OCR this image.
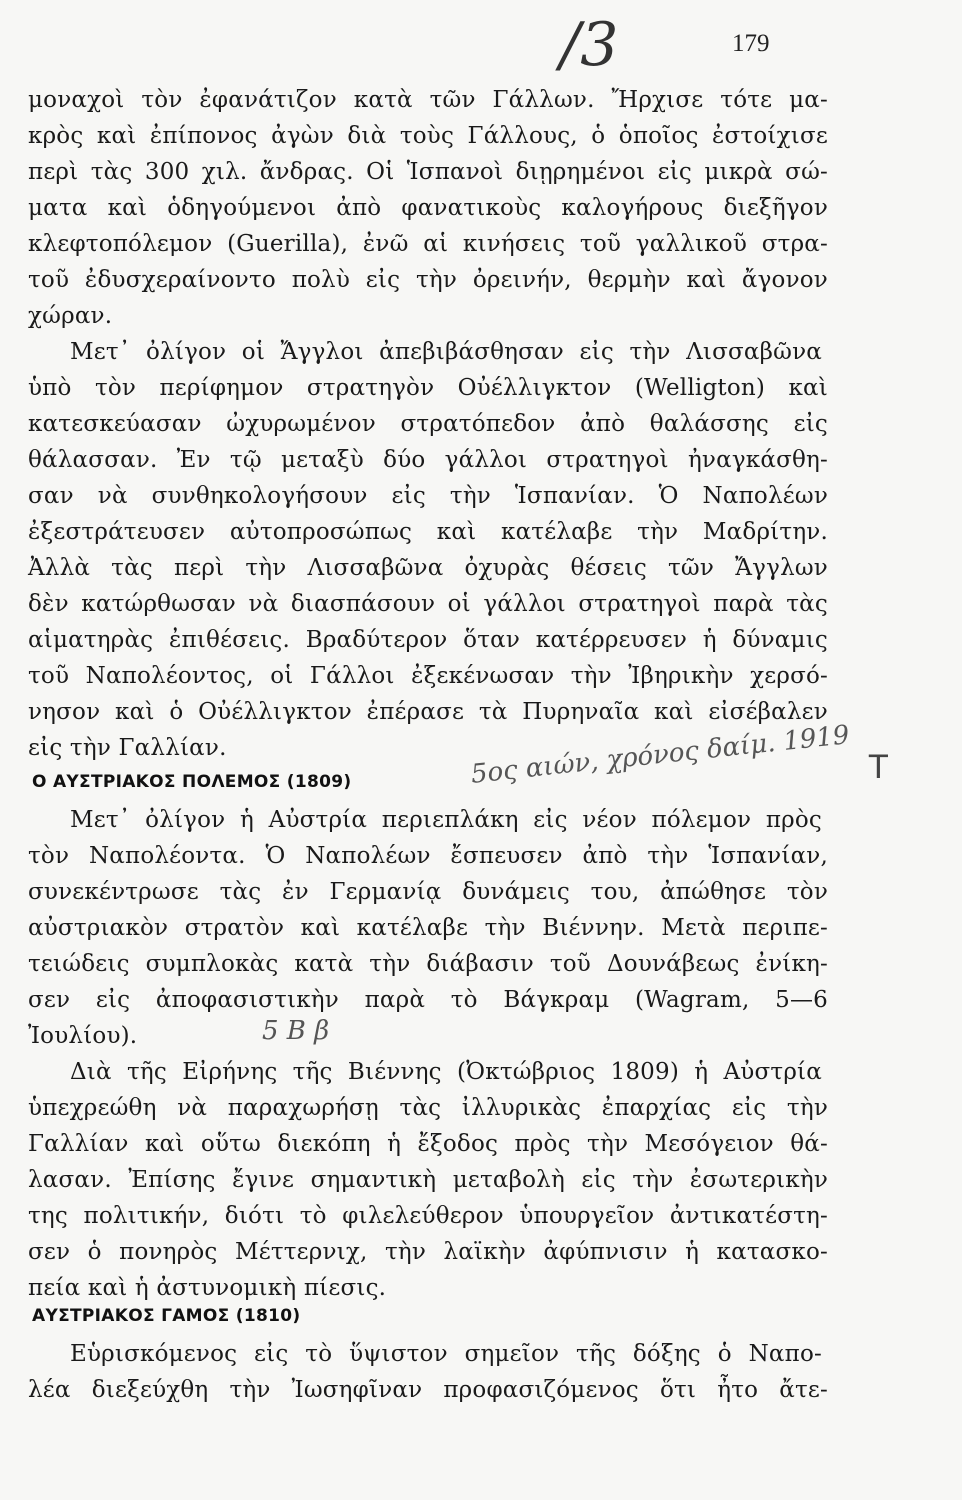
/3	179
T
μοναχοὶ τὸν ἐφανάτιζον κατὰ τῶν Γάλλων. Ἤρχισε τότε μα-
κρὸς καὶ ἐπίπονος ἀγὼν διὰ τοὺς Γάλλους, ὁ ὁποῖος ἐστοίχισε
περὶ τὰς 300 χιλ. ἄνδρας. Οἱ Ἱσπανοὶ διῃρημένοι εἰς μικρὰ σώ-
ματα καὶ ὁδηγούμενοι ἀπὸ φανατικοὺς καλογήρους διεξῆγον
κλεφτοπόλεμον (Guerilla), ἐνῶ αἱ κινήσεις τοῦ γαλλικοῦ στρα-
τοῦ ἐδυσχεραίνοντο πολὺ εἰς τὴν ὀρεινήν, θερμὴν καὶ ἄγονον
χώραν.
Μετ᾽ ὀλίγον οἱ Ἄγγλοι ἀπεβιβάσθησαν εἰς τὴν Λισσαβῶνα
ὑπὸ τὸν περίφημον στρατηγὸν Οὐέλλιγκτον (Welligton) καὶ
κατεσκεύασαν ὠχυρωμένον στρατόπεδον ἀπὸ θαλάσσης εἰς
θάλασσαν. Ἐν τῷ μεταξὺ δύο γάλλοι στρατηγοὶ ἠναγκάσθη-
σαν νὰ συνθηκολογήσουν εἰς τὴν Ἱσπανίαν. Ὁ Ναπολέων
ἐξεστράτευσεν αὐτοπροσώπως καὶ κατέλαβε τὴν Μαδρίτην.
Ἀλλὰ τὰς περὶ τὴν Λισσαβῶνα ὀχυρὰς θέσεις τῶν Ἄγγλων
δὲν κατώρθωσαν νὰ διασπάσουν οἱ γάλλοι στρατηγοὶ παρὰ τὰς
αἱματηρὰς ἐπιθέσεις. Βραδύτερον ὅταν κατέρρευσεν ἡ δύναμις
τοῦ Ναπολέοντος, οἱ Γάλλοι ἐξεκένωσαν τὴν Ἰβηρικὴν χερσό-
νησον καὶ ὁ Οὐέλλιγκτον ἐπέρασε τὰ Πυρηναῖα καὶ εἰσέβαλεν
εἰς τὴν Γαλλίαν.	5ος αιών, χρόνος δαίμ. 1919
Ο ΑΥΣΤΡΙΑΚΟΣ ΠΟΛΕΜΟΣ (1809)
Μετ᾽ ὀλίγον ἡ Αὐστρία περιεπλάκη εἰς νέον πόλεμον πρὸς
τὸν Ναπολέοντα. Ὁ Ναπολέων ἔσπευσεν ἀπὸ τὴν Ἱσπανίαν,
συνεκέντρωσε τὰς ἐν Γερμανίᾳ δυνάμεις του, ἀπώθησε τὸν
αὐστριακὸν στρατὸν καὶ κατέλαβε τὴν Βιέννην. Μετὰ περιπε-
τειώδεις συμπλοκὰς κατὰ τὴν διάβασιν τοῦ Δουνάβεως ἐνίκη-
σεν εἰς ἀποφασιστικὴν παρὰ τὸ Βάγκραμ (Wagram, 5—6
Ἰουλίου).	5 B β
Διὰ τῆς Εἰρήνης τῆς Βιέννης (Ὀκτώβριος 1809) ἡ Αὐστρία
ὑπεχρεώθη νὰ παραχωρήσῃ τὰς ἰλλυρικὰς ἐπαρχίας εἰς τὴν
Γαλλίαν καὶ οὕτω διεκόπη ἡ ἔξοδος πρὸς τὴν Μεσόγειον θά-
λασαν. Ἐπίσης ἔγινε σημαντικὴ μεταβολὴ εἰς τὴν ἐσωτερικὴν
της πολιτικήν, διότι τὸ φιλελεύθερον ὑπουργεῖον ἀντικατέστη-
σεν ὁ πονηρὸς Μέττερνιχ, τὴν λαϊκὴν ἀφύπνισιν ἡ κατασκο-
πεία καὶ ἡ ἀστυνομικὴ πίεσις.
ΑΥΣΤΡΙΑΚΟΣ ΓΑΜΟΣ (1810)
Εὑρισκόμενος εἰς τὸ ὕψιστον σημεῖον τῆς δόξης ὁ Ναπο-
λέα διεξεύχθη τὴν Ἰωσηφῖναν προφασιζόμενος ὅτι ἦτο ἄτε-
